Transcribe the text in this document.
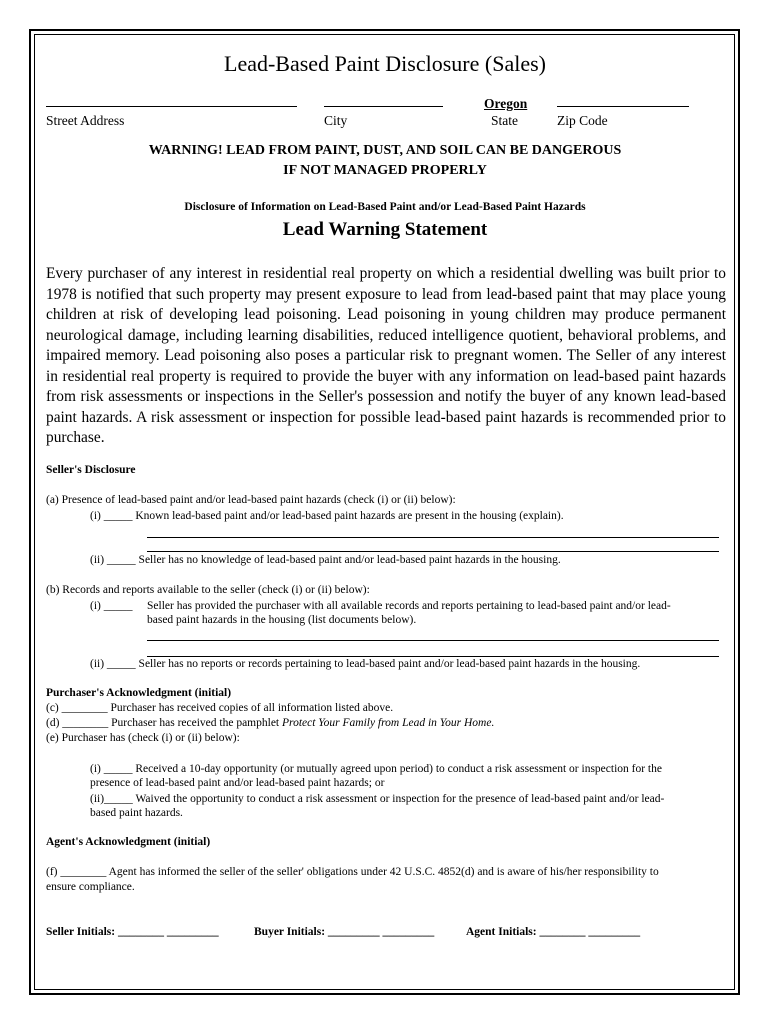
Lead-Based Paint Disclosure (Sales)
Oregon
Street Address	City	State	Zip Code
WARNING! LEAD FROM PAINT, DUST, AND SOIL CAN BE DANGEROUS
IF NOT MANAGED PROPERLY
Disclosure of Information on Lead-Based Paint and/or Lead-Based Paint Hazards
Lead Warning Statement
Every purchaser of any interest in residential real property on which a residential dwelling was built prior to 1978 is notified that such property may present exposure to lead from lead-based paint that may place young children at risk of developing lead poisoning. Lead poisoning in young children may produce permanent neurological damage, including learning disabilities, reduced intelligence quotient, behavioral problems, and impaired memory. Lead poisoning also poses a particular risk to pregnant women. The Seller of any interest in residential real property is required to provide the buyer with any information on lead-based paint hazards from risk assessments or inspections in the Seller's possession and notify the buyer of any known lead-based paint hazards. A risk assessment or inspection for possible lead-based paint hazards is recommended prior to purchase.
Seller's Disclosure
(a) Presence of lead-based paint and/or lead-based paint hazards (check (i) or (ii) below):
(i) _____ Known lead-based paint and/or lead-based paint hazards are present in the housing (explain).
(ii) _____ Seller has no knowledge of lead-based paint and/or lead-based paint hazards in the housing.
(b) Records and reports available to the seller (check (i) or (ii) below):
(i) _____ Seller has provided the purchaser with all available records and reports pertaining to lead-based paint and/or lead-
based paint hazards in the housing (list documents below).
(ii) _____ Seller has no reports or records pertaining to lead-based paint and/or lead-based paint hazards in the housing.
Purchaser's Acknowledgment (initial)
(c) ________ Purchaser has received copies of all information listed above.
(d) ________ Purchaser has received the pamphlet Protect Your Family from Lead in Your Home.
(e) Purchaser has (check (i) or (ii) below):
(i) _____ Received a 10-day opportunity (or mutually agreed upon period) to conduct a risk assessment or inspection for the
presence of lead-based paint and/or lead-based paint hazards; or
(ii)_____ Waived the opportunity to conduct a risk assessment or inspection for the presence of lead-based paint and/or lead-
based paint hazards.
Agent's Acknowledgment (initial)
(f) ________ Agent has informed the seller of the seller' obligations under 42 U.S.C. 4852(d) and is aware of his/her responsibility to
ensure compliance.
Seller Initials: ________ _________	Buyer Initials: _________ _________	Agent Initials: ________ _________
